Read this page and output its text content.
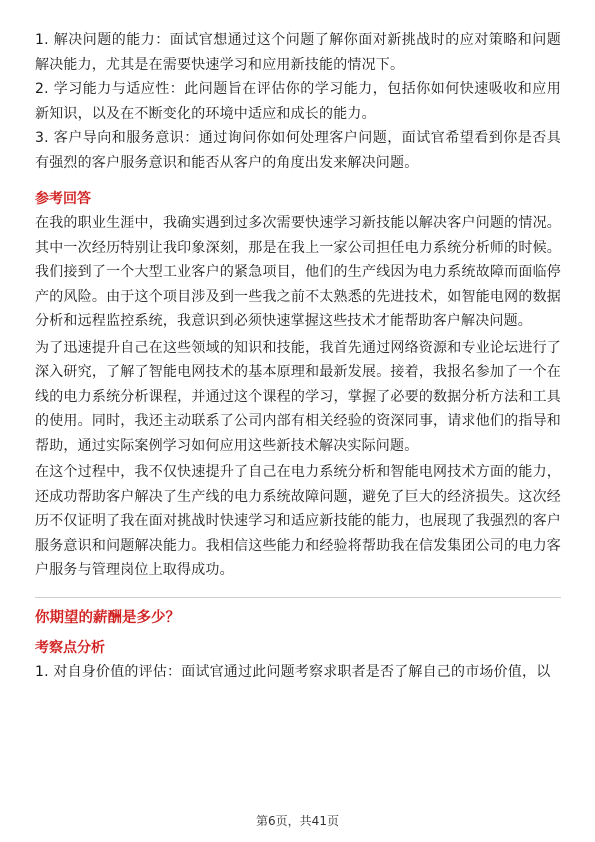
1. 解决问题的能力：面试官想通过这个问题了解你面对新挑战时的应对策略和问题解决能力，尤其是在需要快速学习和应用新技能的情况下。

2. 学习能力与适应性：此问题旨在评估你的学习能力，包括你如何快速吸收和应用新知识，以及在不断变化的环境中适应和成长的能力。

3. 客户导向和服务意识：通过询问你如何处理客户问题，面试官希望看到你是否具有强烈的客户服务意识和能否从客户的角度出发来解决问题。

参考回答

在我的职业生涯中，我确实遇到过多次需要快速学习新技能以解决客户问题的情况。其中一次经历特别让我印象深刻，那是在我上一家公司担任电力系统分析师的时候。我们接到了一个大型工业客户的紧急项目，他们的生产线因为电力系统故障而面临停产的风险。由于这个项目涉及到一些我之前不太熟悉的先进技术，如智能电网的数据分析和远程监控系统，我意识到必须快速掌握这些技术才能帮助客户解决问题。

为了迅速提升自己在这些领域的知识和技能，我首先通过网络资源和专业论坛进行了深入研究，了解了智能电网技术的基本原理和最新发展。接着，我报名参加了一个在线的电力系统分析课程，并通过这个课程的学习，掌握了必要的数据分析方法和工具的使用。同时，我还主动联系了公司内部有相关经验的资深同事，请求他们的指导和帮助，通过实际案例学习如何应用这些新技术解决实际问题。

在这个过程中，我不仅快速提升了自己在电力系统分析和智能电网技术方面的能力，还成功帮助客户解决了生产线的电力系统故障问题，避免了巨大的经济损失。这次经历不仅证明了我在面对挑战时快速学习和适应新技能的能力，也展现了我强烈的客户服务意识和问题解决能力。我相信这些能力和经验将帮助我在信发集团公司的电力客户服务与管理岗位上取得成功。

你期望的薪酬是多少？
考察点分析

1. 对自身价值的评估：面试官通过此问题考察求职者是否了解自己的市场价值，以

第6页，共41页
